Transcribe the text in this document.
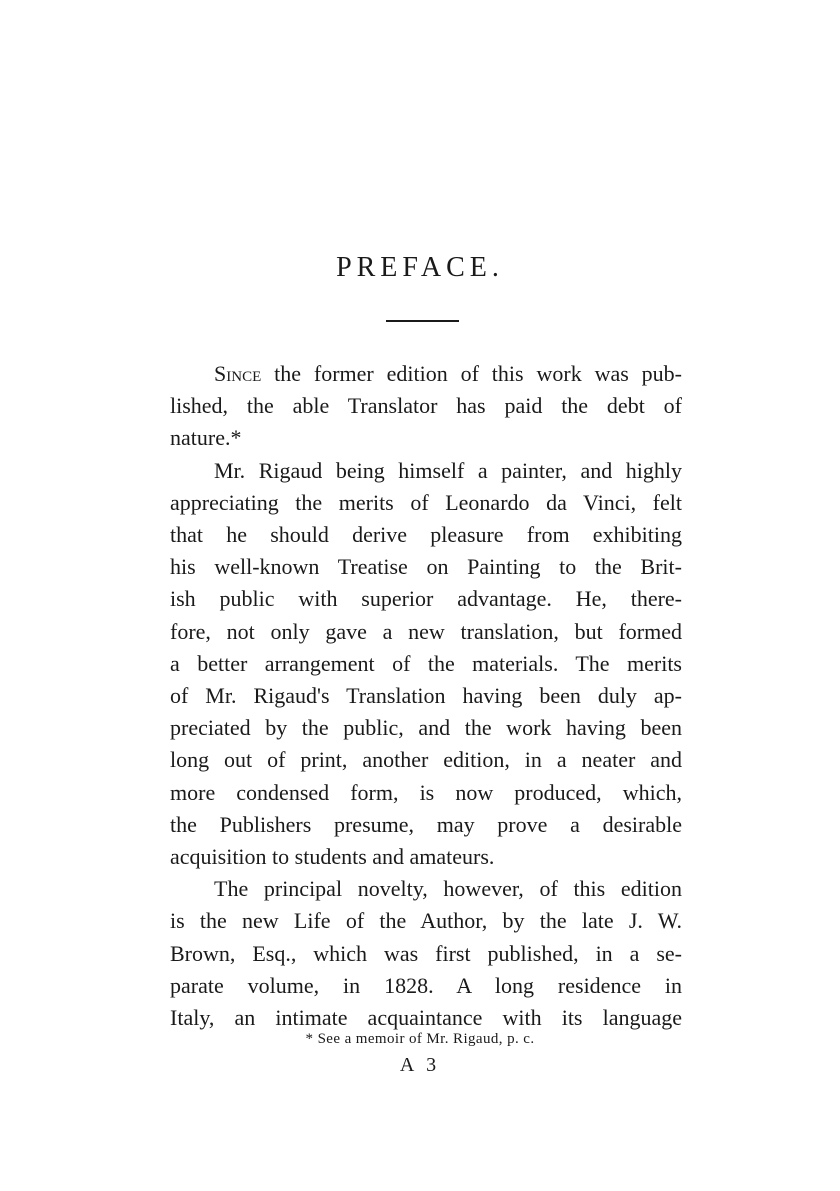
PREFACE.
Since the former edition of this work was pub-
lished, the able Translator has paid the debt of
nature.*
Mr. Rigaud being himself a painter, and highly
appreciating the merits of Leonardo da Vinci, felt
that he should derive pleasure from exhibiting
his well-known Treatise on Painting to the Brit-
ish public with superior advantage. He, there-
fore, not only gave a new translation, but formed
a better arrangement of the materials. The merits
of Mr. Rigaud's Translation having been duly ap-
preciated by the public, and the work having been
long out of print, another edition, in a neater and
more condensed form, is now produced, which,
the Publishers presume, may prove a desirable
acquisition to students and amateurs.
The principal novelty, however, of this edition
is the new Life of the Author, by the late J. W.
Brown, Esq., which was first published, in a se-
parate volume, in 1828. A long residence in
Italy, an intimate acquaintance with its language

* See a memoir of Mr. Rigaud, p. c.

A 3
